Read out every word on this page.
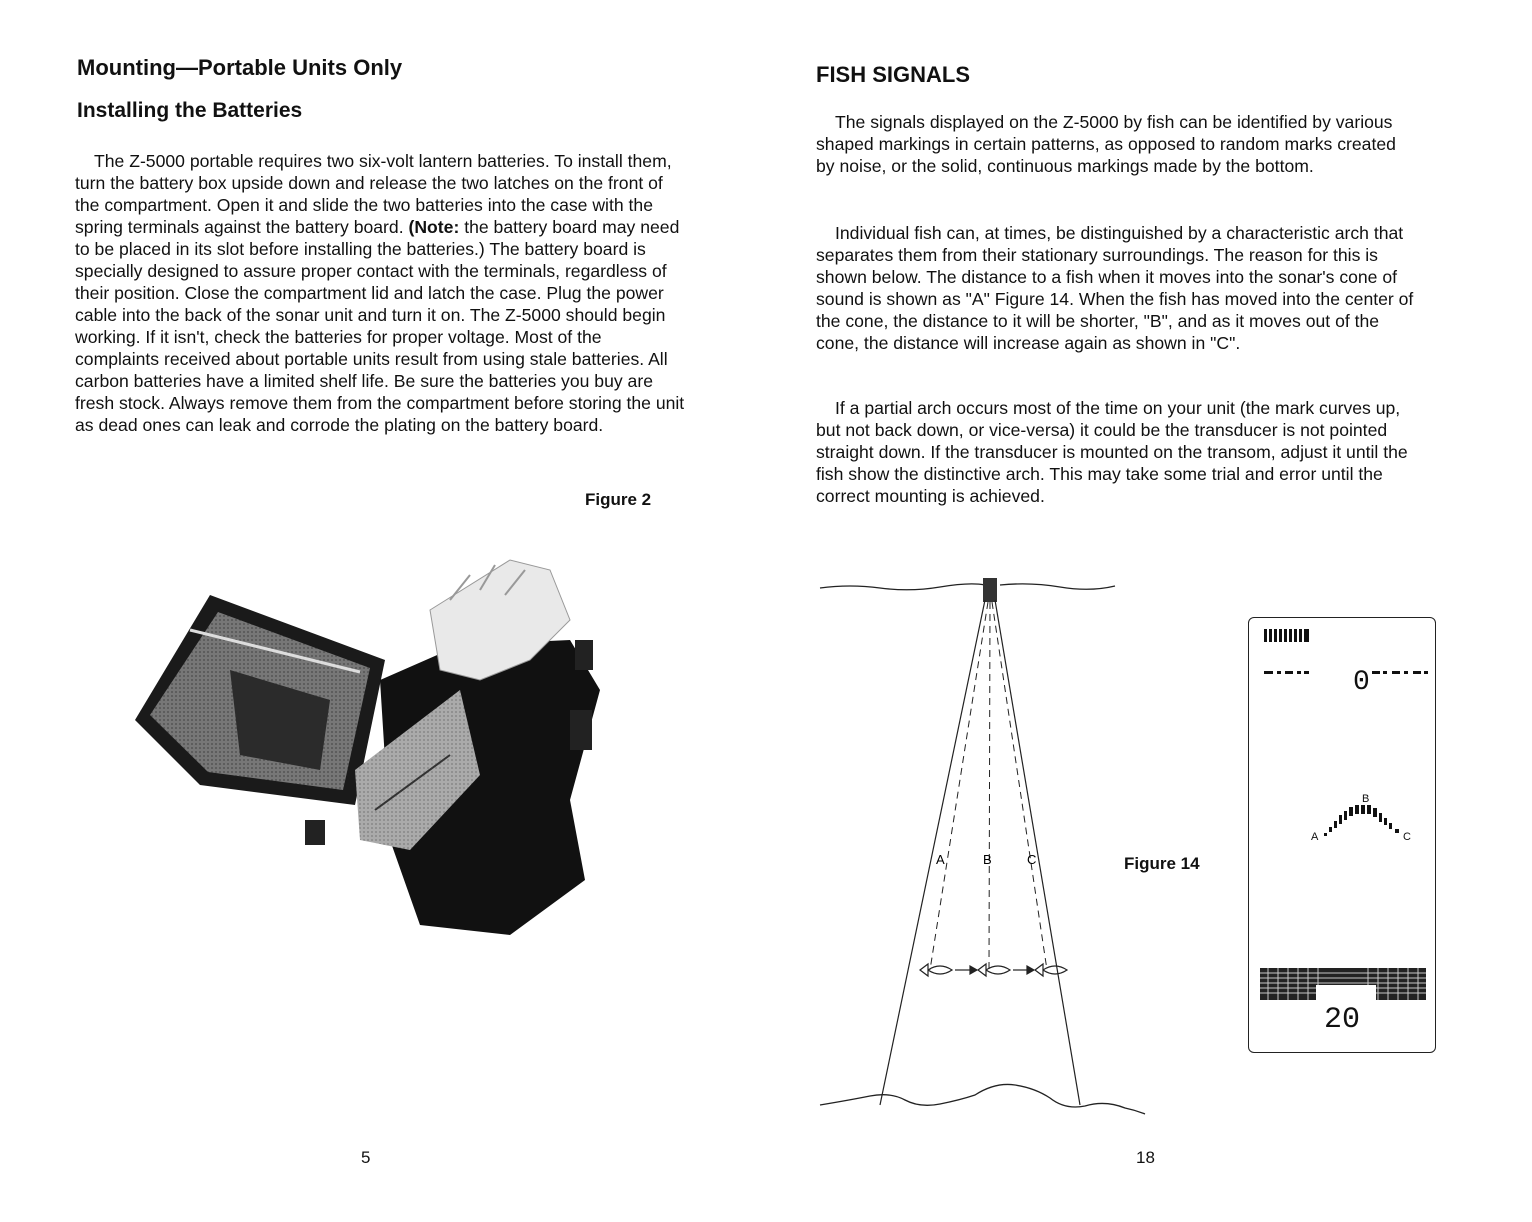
Mounting—Portable Units Only
Installing the Batteries

The Z-5000 portable requires two six-volt lantern batteries. To install them, turn the battery box upside down and release the two latches on the front of the compartment. Open it and slide the two batteries into the case with the spring terminals against the battery board. (Note: the battery board may need to be placed in its slot before installing the batteries.) The battery board is specially designed to assure proper contact with the terminals, regardless of their position. Close the compartment lid and latch the case. Plug the power cable into the back of the sonar unit and turn it on. The Z-5000 should begin working. If it isn't, check the batteries for proper voltage. Most of the complaints received about portable units result from using stale batteries. All carbon batteries have a limited shelf life. Be sure the batteries you buy are fresh stock. Always remove them from the compartment before storing the unit as dead ones can leak and corrode the plating on the battery board.

Figure 2
5
FISH SIGNALS

The signals displayed on the Z-5000 by fish can be identified by various shaped markings in certain patterns, as opposed to random marks created by noise, or the solid, continuous markings made by the bottom.

Individual fish can, at times, be distinguished by a characteristic arch that separates them from their stationary surroundings. The reason for this is shown below. The distance to a fish when it moves into the sonar's cone of sound is shown as "A" Figure 14. When the fish has moved into the center of the cone, the distance to it will be shorter, "B", and as it moves out of the cone, the distance will increase again as shown in "C".

If a partial arch occurs most of the time on your unit (the mark curves up, but not back down, or vice-versa) it could be the transducer is not pointed straight down. If the transducer is mounted on the transom, adjust it until the fish show the distinctive arch. This may take some trial and error until the correct mounting is achieved.

A	B	C	Figure 14
0
A
B
C
20
18
